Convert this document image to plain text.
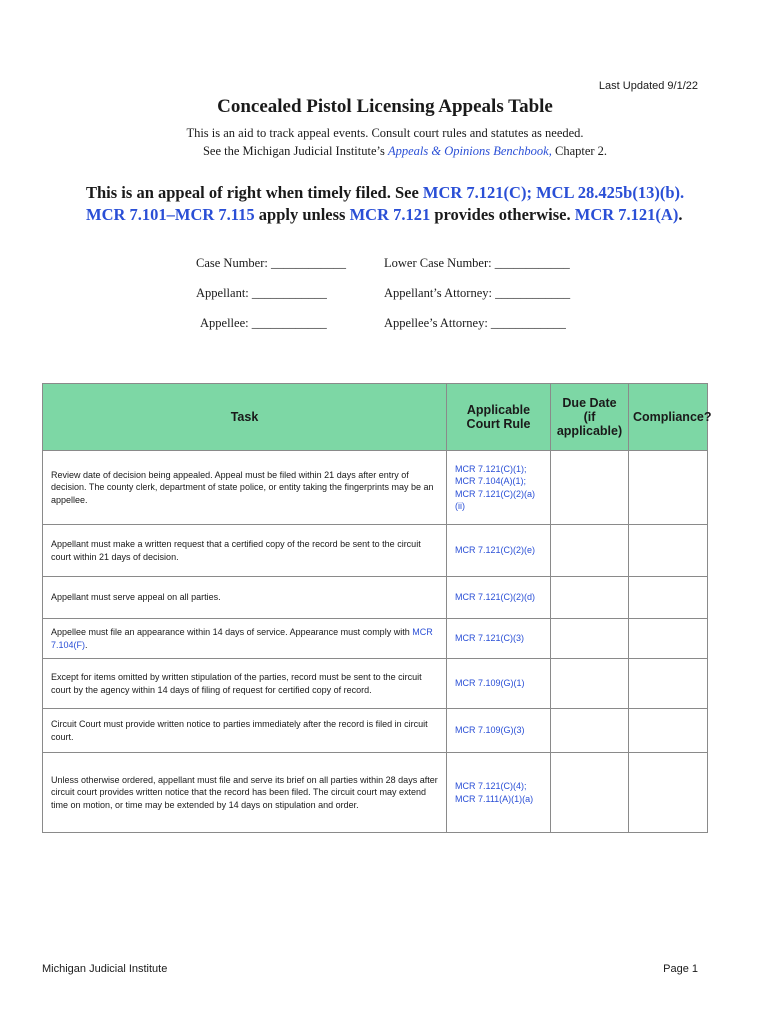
Last Updated 9/1/22
Concealed Pistol Licensing Appeals Table
This is an aid to track appeal events. Consult court rules and statutes as needed.
See the Michigan Judicial Institute’s Appeals & Opinions Benchbook, Chapter 2.
This is an appeal of right when timely filed. See MCR 7.121(C); MCL 28.425b(13)(b). MCR 7.101–MCR 7.115 apply unless MCR 7.121 provides otherwise. MCR 7.121(A).
Case Number: ____________	Lower Case Number: ____________
Appellant: ____________	Appellant’s Attorney: ____________
Appellee: ____________	Appellee’s Attorney: ____________
Task	Applicable Court Rule	Due Date (if applicable)	Compliance?
Review date of decision being appealed. Appeal must be filed within 21 days after entry of decision. The county clerk, department of state police, or entity taking the fingerprints may be an appellee.	MCR 7.121(C)(1); MCR 7.104(A)(1); MCR 7.121(C)(2)(a)(ii)		
Appellant must make a written request that a certified copy of the record be sent to the circuit court within 21 days of decision.	MCR 7.121(C)(2)(e)		
Appellant must serve appeal on all parties.	MCR 7.121(C)(2)(d)		
Appellee must file an appearance within 14 days of service. Appearance must comply with MCR 7.104(F).	MCR 7.121(C)(3)		
Except for items omitted by written stipulation of the parties, record must be sent to the circuit court by the agency within 14 days of filing of request for certified copy of record.	MCR 7.109(G)(1)		
Circuit Court must provide written notice to parties immediately after the record is filed in circuit court.	MCR 7.109(G)(3)		
Unless otherwise ordered, appellant must file and serve its brief on all parties within 28 days after circuit court provides written notice that the record has been filed. The circuit court may extend time on motion, or time may be extended by 14 days on stipulation and order.	MCR 7.121(C)(4); MCR 7.111(A)(1)(a)		
Michigan Judicial Institute	Page 1
